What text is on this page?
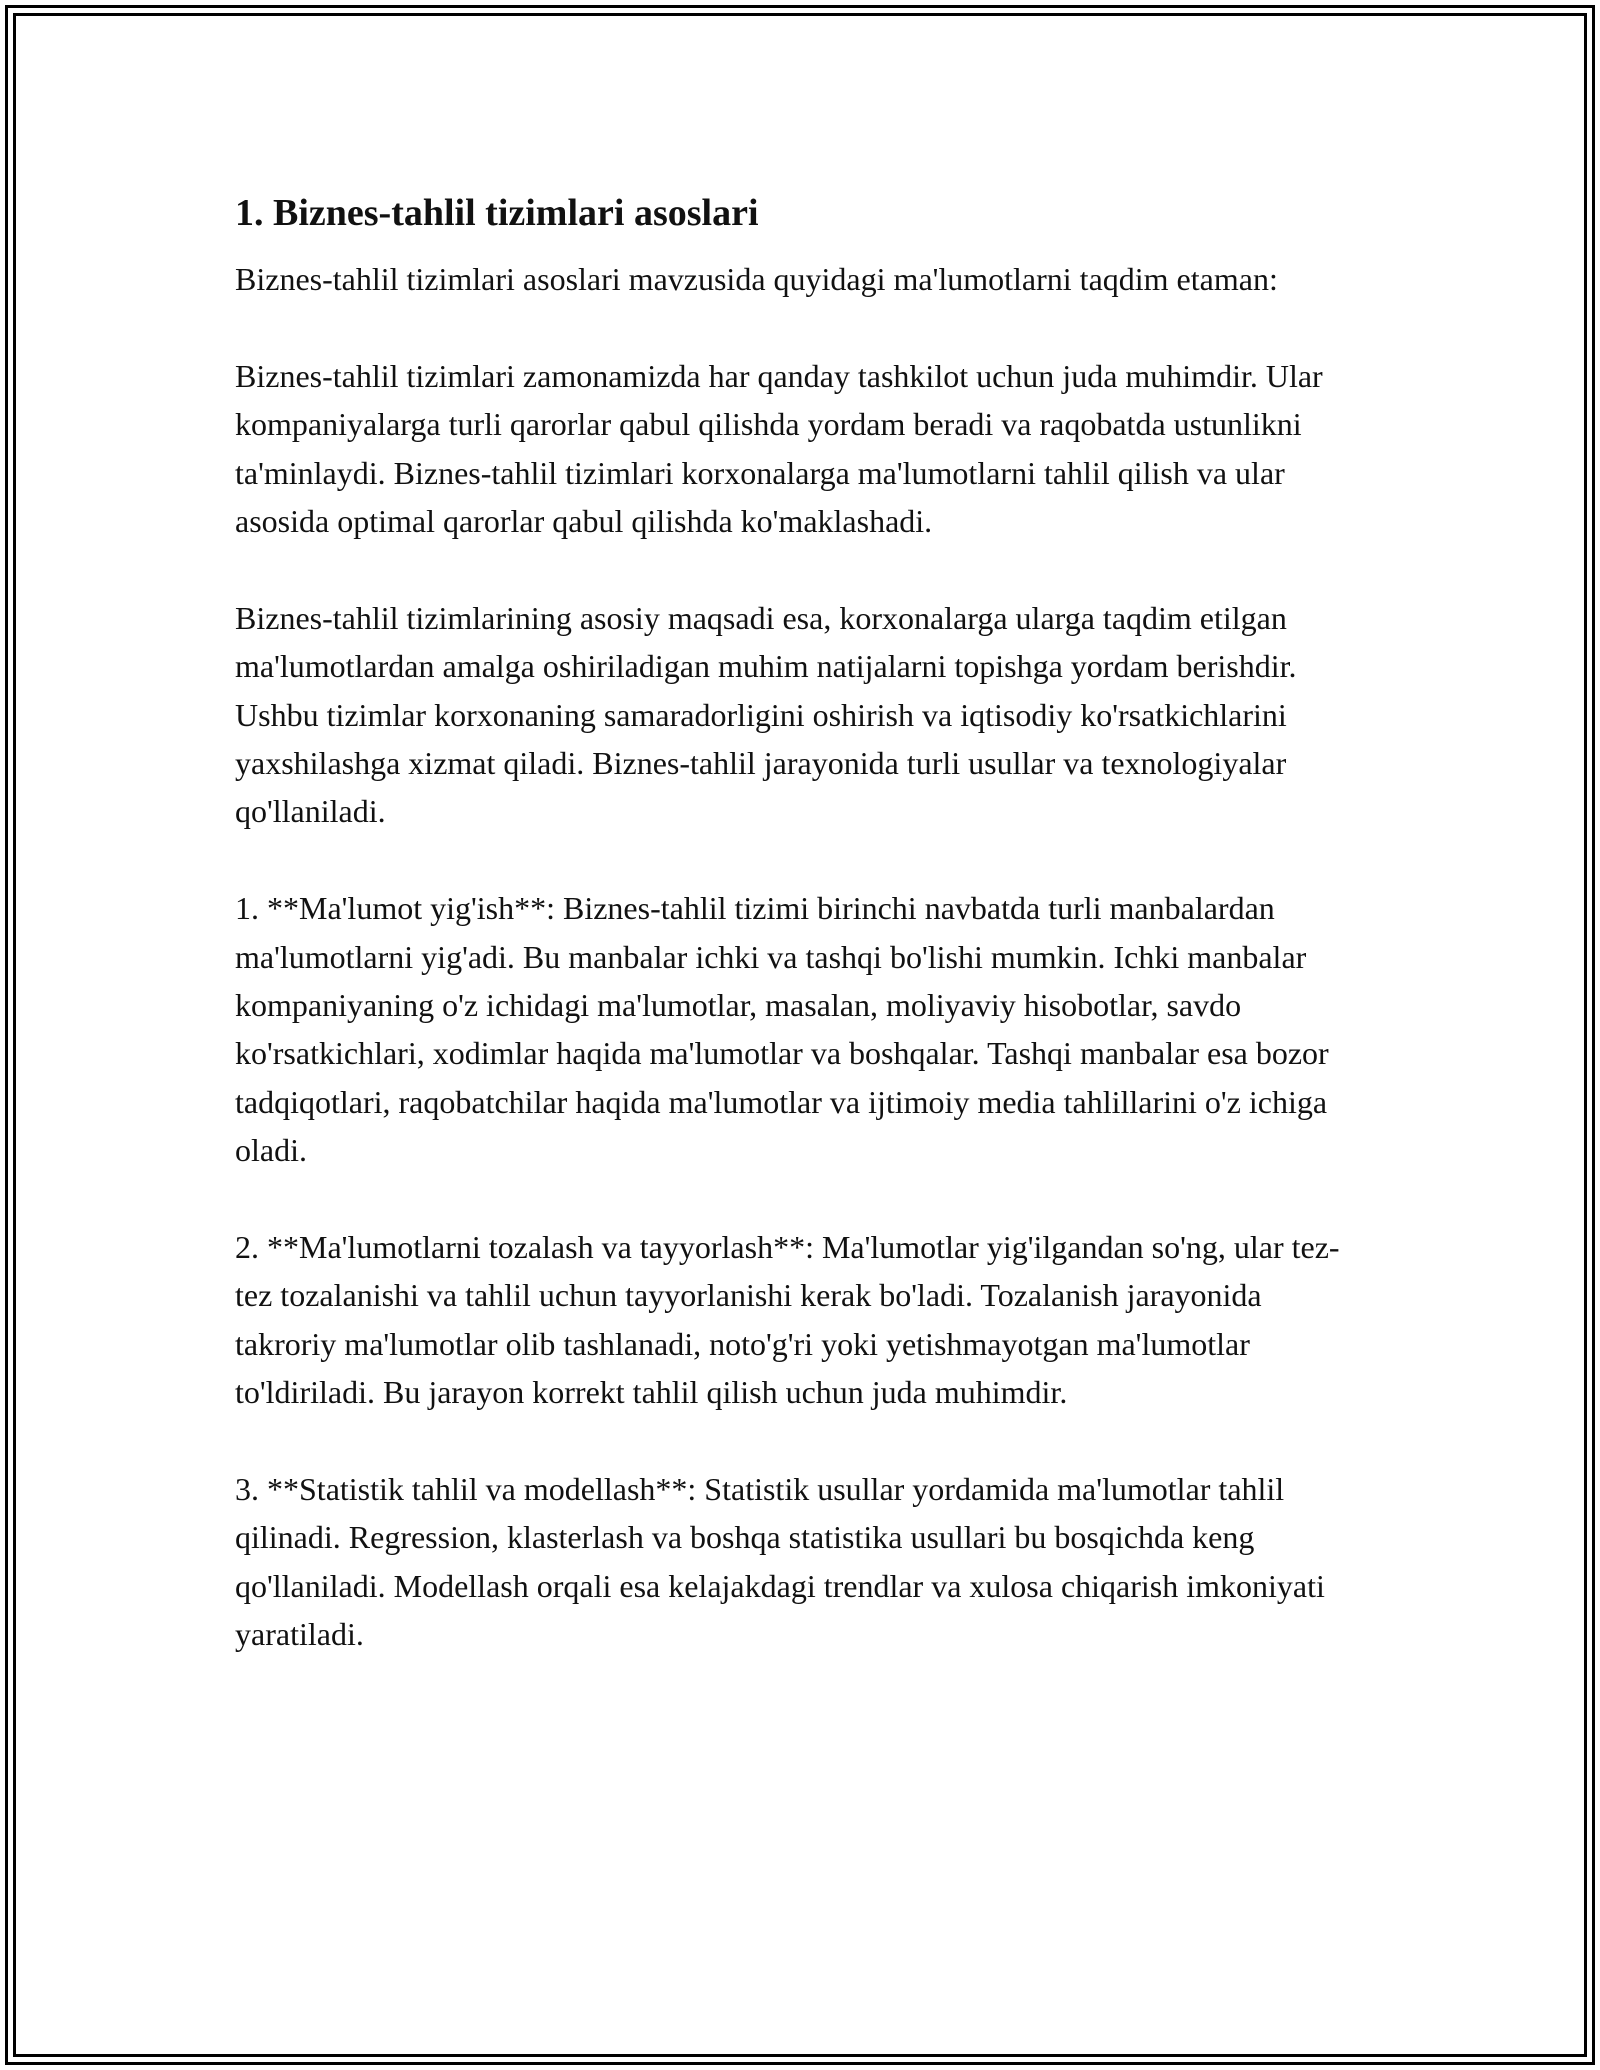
1. Biznes-tahlil tizimlari asoslari

Biznes-tahlil tizimlari asoslari mavzusida quyidagi ma'lumotlarni taqdim etaman:

Biznes-tahlil tizimlari zamonamizda har qanday tashkilot uchun juda muhimdir. Ular kompaniyalarga turli qarorlar qabul qilishda yordam beradi va raqobatda ustunlikni ta'minlaydi. Biznes-tahlil tizimlari korxonalarga ma'lumotlarni tahlil qilish va ular asosida optimal qarorlar qabul qilishda ko'maklashadi.

Biznes-tahlil tizimlarining asosiy maqsadi esa, korxonalarga ularga taqdim etilgan ma'lumotlardan amalga oshiriladigan muhim natijalarni topishga yordam berishdir. Ushbu tizimlar korxonaning samaradorligini oshirish va iqtisodiy ko'rsatkichlarini yaxshilashga xizmat qiladi. Biznes-tahlil jarayonida turli usullar va texnologiyalar qo'llaniladi.

1. **Ma'lumot yig'ish**: Biznes-tahlil tizimi birinchi navbatda turli manbalardan ma'lumotlarni yig'adi. Bu manbalar ichki va tashqi bo'lishi mumkin. Ichki manbalar kompaniyaning o'z ichidagi ma'lumotlar, masalan, moliyaviy hisobotlar, savdo ko'rsatkichlari, xodimlar haqida ma'lumotlar va boshqalar. Tashqi manbalar esa bozor tadqiqotlari, raqobatchilar haqida ma'lumotlar va ijtimoiy media tahlillarini o'z ichiga oladi.

2. **Ma'lumotlarni tozalash va tayyorlash**: Ma'lumotlar yig'ilgandan so'ng, ular tez-tez tozalanishi va tahlil uchun tayyorlanishi kerak bo'ladi. Tozalanish jarayonida takroriy ma'lumotlar olib tashlanadi, noto'g'ri yoki yetishmayotgan ma'lumotlar to'ldiriladi. Bu jarayon korrekt tahlil qilish uchun juda muhimdir.

3. **Statistik tahlil va modellash**: Statistik usullar yordamida ma'lumotlar tahlil qilinadi. Regression, klasterlash va boshqa statistika usullari bu bosqichda keng qo'llaniladi. Modellash orqali esa kelajakdagi trendlar va xulosa chiqarish imkoniyati yaratiladi.
